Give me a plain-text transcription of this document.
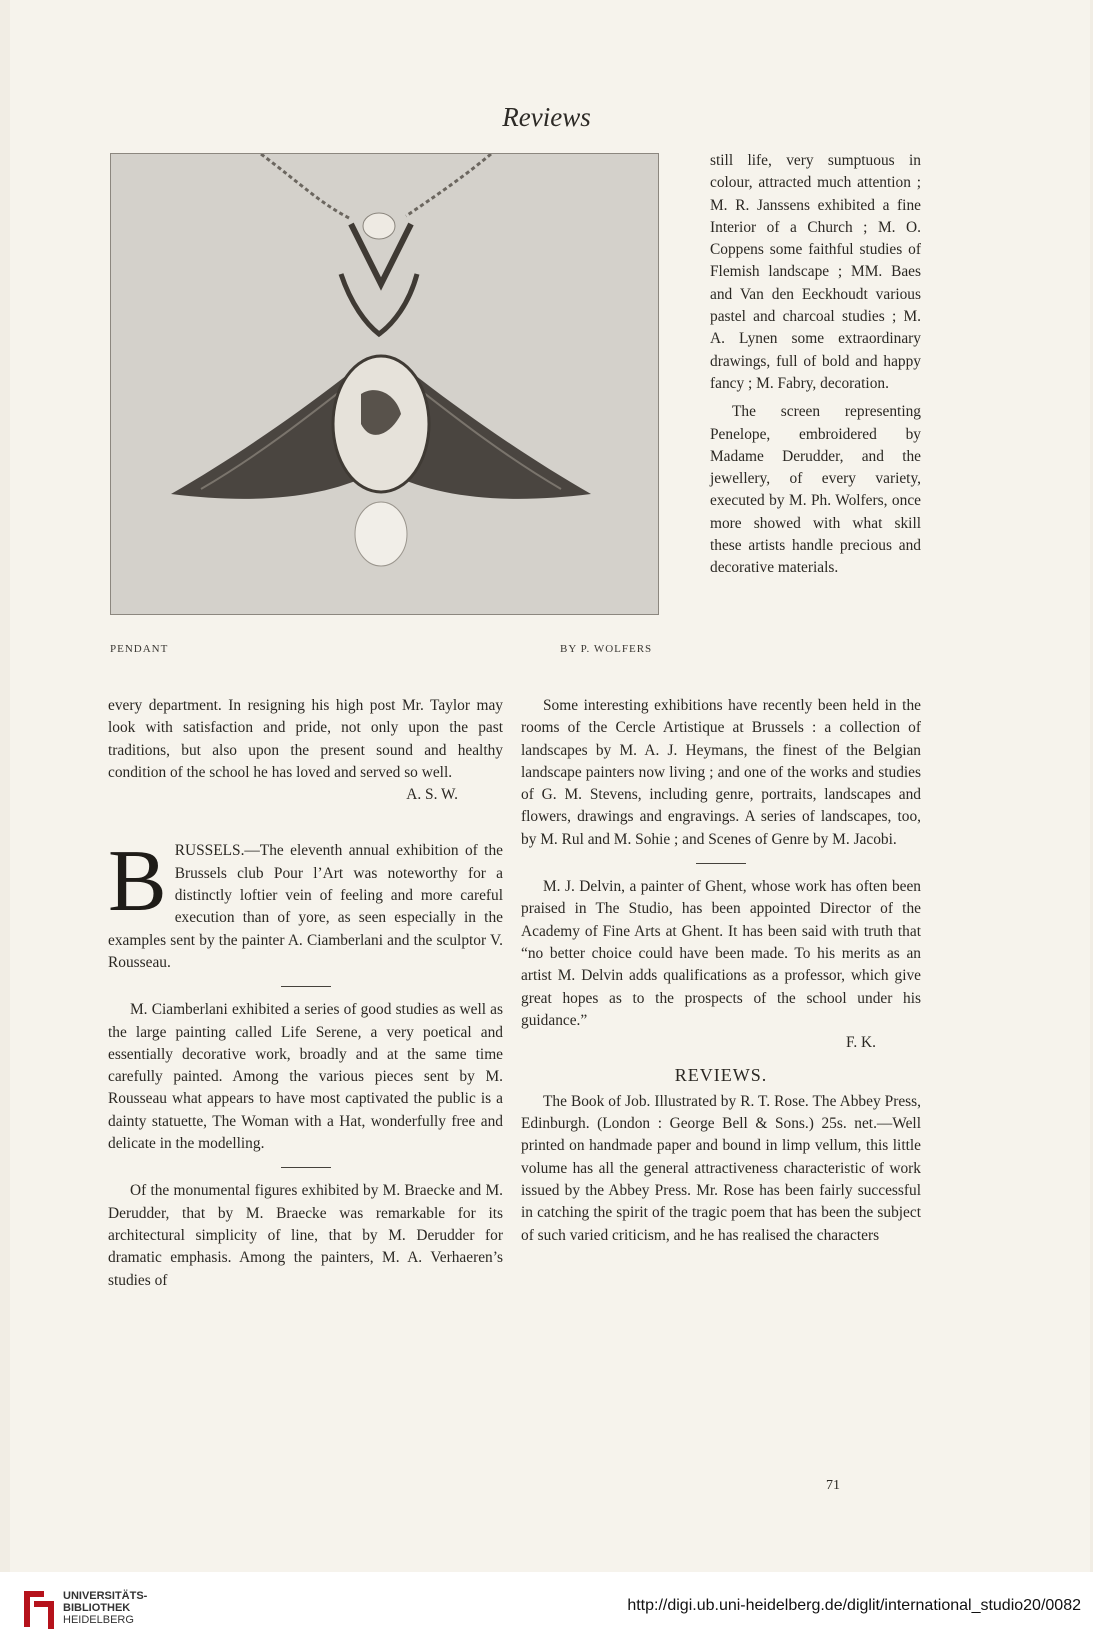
Reviews
PENDANT	BY P. WOLFERS

still life, very sumptuous in colour, attracted much attention ; M. R. Janssens exhibited a fine Interior of a Church ; M. O. Coppens some faithful studies of Flemish landscape ; MM. Baes and Van den Eeckhoudt various pastel and charcoal studies ; M. A. Lynen some extraordinary drawings, full of bold and happy fancy ; M. Fabry, decoration.

The screen representing Penelope, embroidered by Madame Derudder, and the jewellery, of every variety, executed by M. Ph. Wolfers, once more showed with what skill these artists handle precious and decorative materials.

every department. In resigning his high post Mr. Taylor may look with satisfaction and pride, not only upon the past traditions, but also upon the present sound and healthy condition of the school he has loved and served so well.

A. S. W.

B RUSSELS.—The eleventh annual exhibition of the Brussels club Pour l’Art was noteworthy for a distinctly loftier vein of feeling and more careful execution than of yore, as seen especially in the examples sent by the painter A. Ciamberlani and the sculptor V. Rousseau.

M. Ciamberlani exhibited a series of good studies as well as the large painting called Life Serene, a very poetical and essentially decorative work, broadly and at the same time carefully painted. Among the various pieces sent by M. Rousseau what appears to have most captivated the public is a dainty statuette, The Woman with a Hat, wonderfully free and delicate in the modelling.

Of the monumental figures exhibited by M. Braecke and M. Derudder, that by M. Braecke was remarkable for its architectural simplicity of line, that by M. Derudder for dramatic emphasis. Among the painters, M. A. Verhaeren’s studies of

Some interesting exhibitions have recently been held in the rooms of the Cercle Artistique at Brussels : a collection of landscapes by M. A. J. Heymans, the finest of the Belgian landscape painters now living ; and one of the works and studies of G. M. Stevens, including genre, portraits, landscapes and flowers, drawings and engravings. A series of landscapes, too, by M. Rul and M. Sohie ; and Scenes of Genre by M. Jacobi.

M. J. Delvin, a painter of Ghent, whose work has often been praised in The Studio, has been appointed Director of the Academy of Fine Arts at Ghent. It has been said with truth that “no better choice could have been made. To his merits as an artist M. Delvin adds qualifications as a professor, which give great hopes as to the prospects of the school under his guidance.”

F. K.

REVIEWS.

The Book of Job. Illustrated by R. T. Rose. The Abbey Press, Edinburgh. (London : George Bell & Sons.) 25s. net.—Well printed on handmade paper and bound in limp vellum, this little volume has all the general attractiveness characteristic of work issued by the Abbey Press. Mr. Rose has been fairly successful in catching the spirit of the tragic poem that has been the subject of such varied criticism, and he has realised the characters

71
UNIVERSITÄTS-
BIBLIOTHEK
HEIDELBERG
http://digi.ub.uni-heidelberg.de/diglit/international_studio20/0082
